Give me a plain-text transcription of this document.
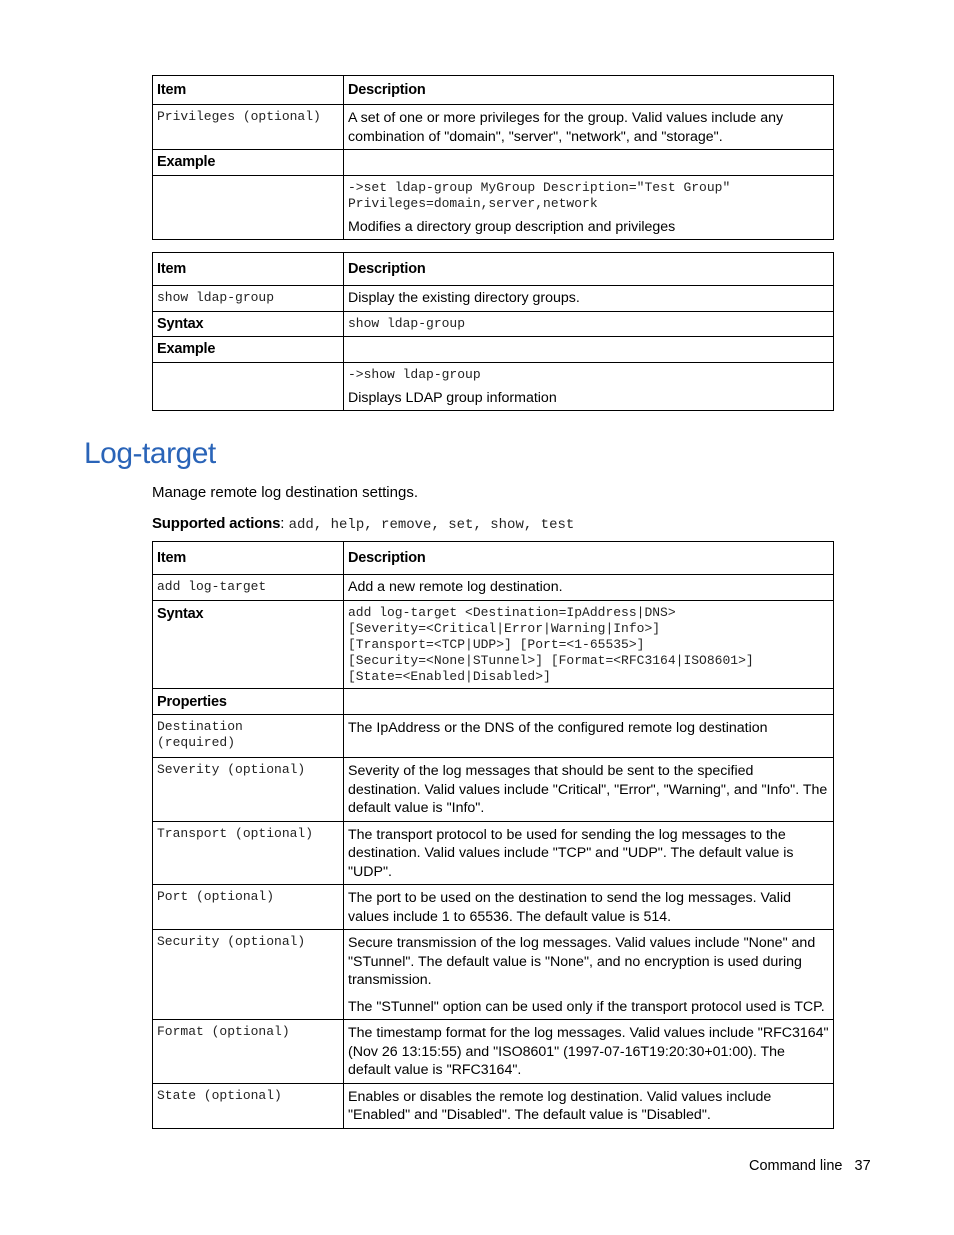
Item	Description

Privileges (optional)	A set of one or more privileges for the group. Valid values include any combination of "domain", "server", "network", and "storage".

Example	

	->set ldap-group MyGroup Description="Test Group"
Privileges=domain,server,network
Modifies a directory group description and privileges
Item	Description

show ldap-group	Display the existing directory groups.

Syntax	show ldap-group

Example	

	->show ldap-group
Displays LDAP group information
Log-target
Manage remote log destination settings.
Supported actions: add, help, remove, set, show, test
Item	Description

add log-target	Add a new remote log destination.

Syntax	add log-target <Destination=IpAddress|DNS>
[Severity=<Critical|Error|Warning|Info>]
[Transport=<TCP|UDP>] [Port=<1-65535>]
[Security=<None|STunnel>] [Format=<RFC3164|ISO8601>]
[State=<Enabled|Disabled>]

Properties	

Destination
(required)	The IpAddress or the DNS of the configured remote log destination

Severity (optional)	Severity of the log messages that should be sent to the specified destination. Valid values include "Critical", "Error", "Warning", and "Info". The default value is "Info".

Transport (optional)	The transport protocol to be used for sending the log messages to the destination. Valid values include "TCP" and "UDP". The default value is "UDP".

Port (optional)	The port to be used on the destination to send the log messages. Valid values include 1 to 65536. The default value is 514.

Security (optional)	Secure transmission of the log messages. Valid values include "None" and "STunnel". The default value is "None", and no encryption is used during transmission.
The "STunnel" option can be used only if the transport protocol used is TCP.

Format (optional)	The timestamp format for the log messages. Valid values include "RFC3164" (Nov 26 13:15:55) and "ISO8601" (1997-07-16T19:20:30+01:00). The default value is "RFC3164".

State (optional)	Enables or disables the remote log destination. Valid values include "Enabled" and "Disabled". The default value is "Disabled".
Command line 37
